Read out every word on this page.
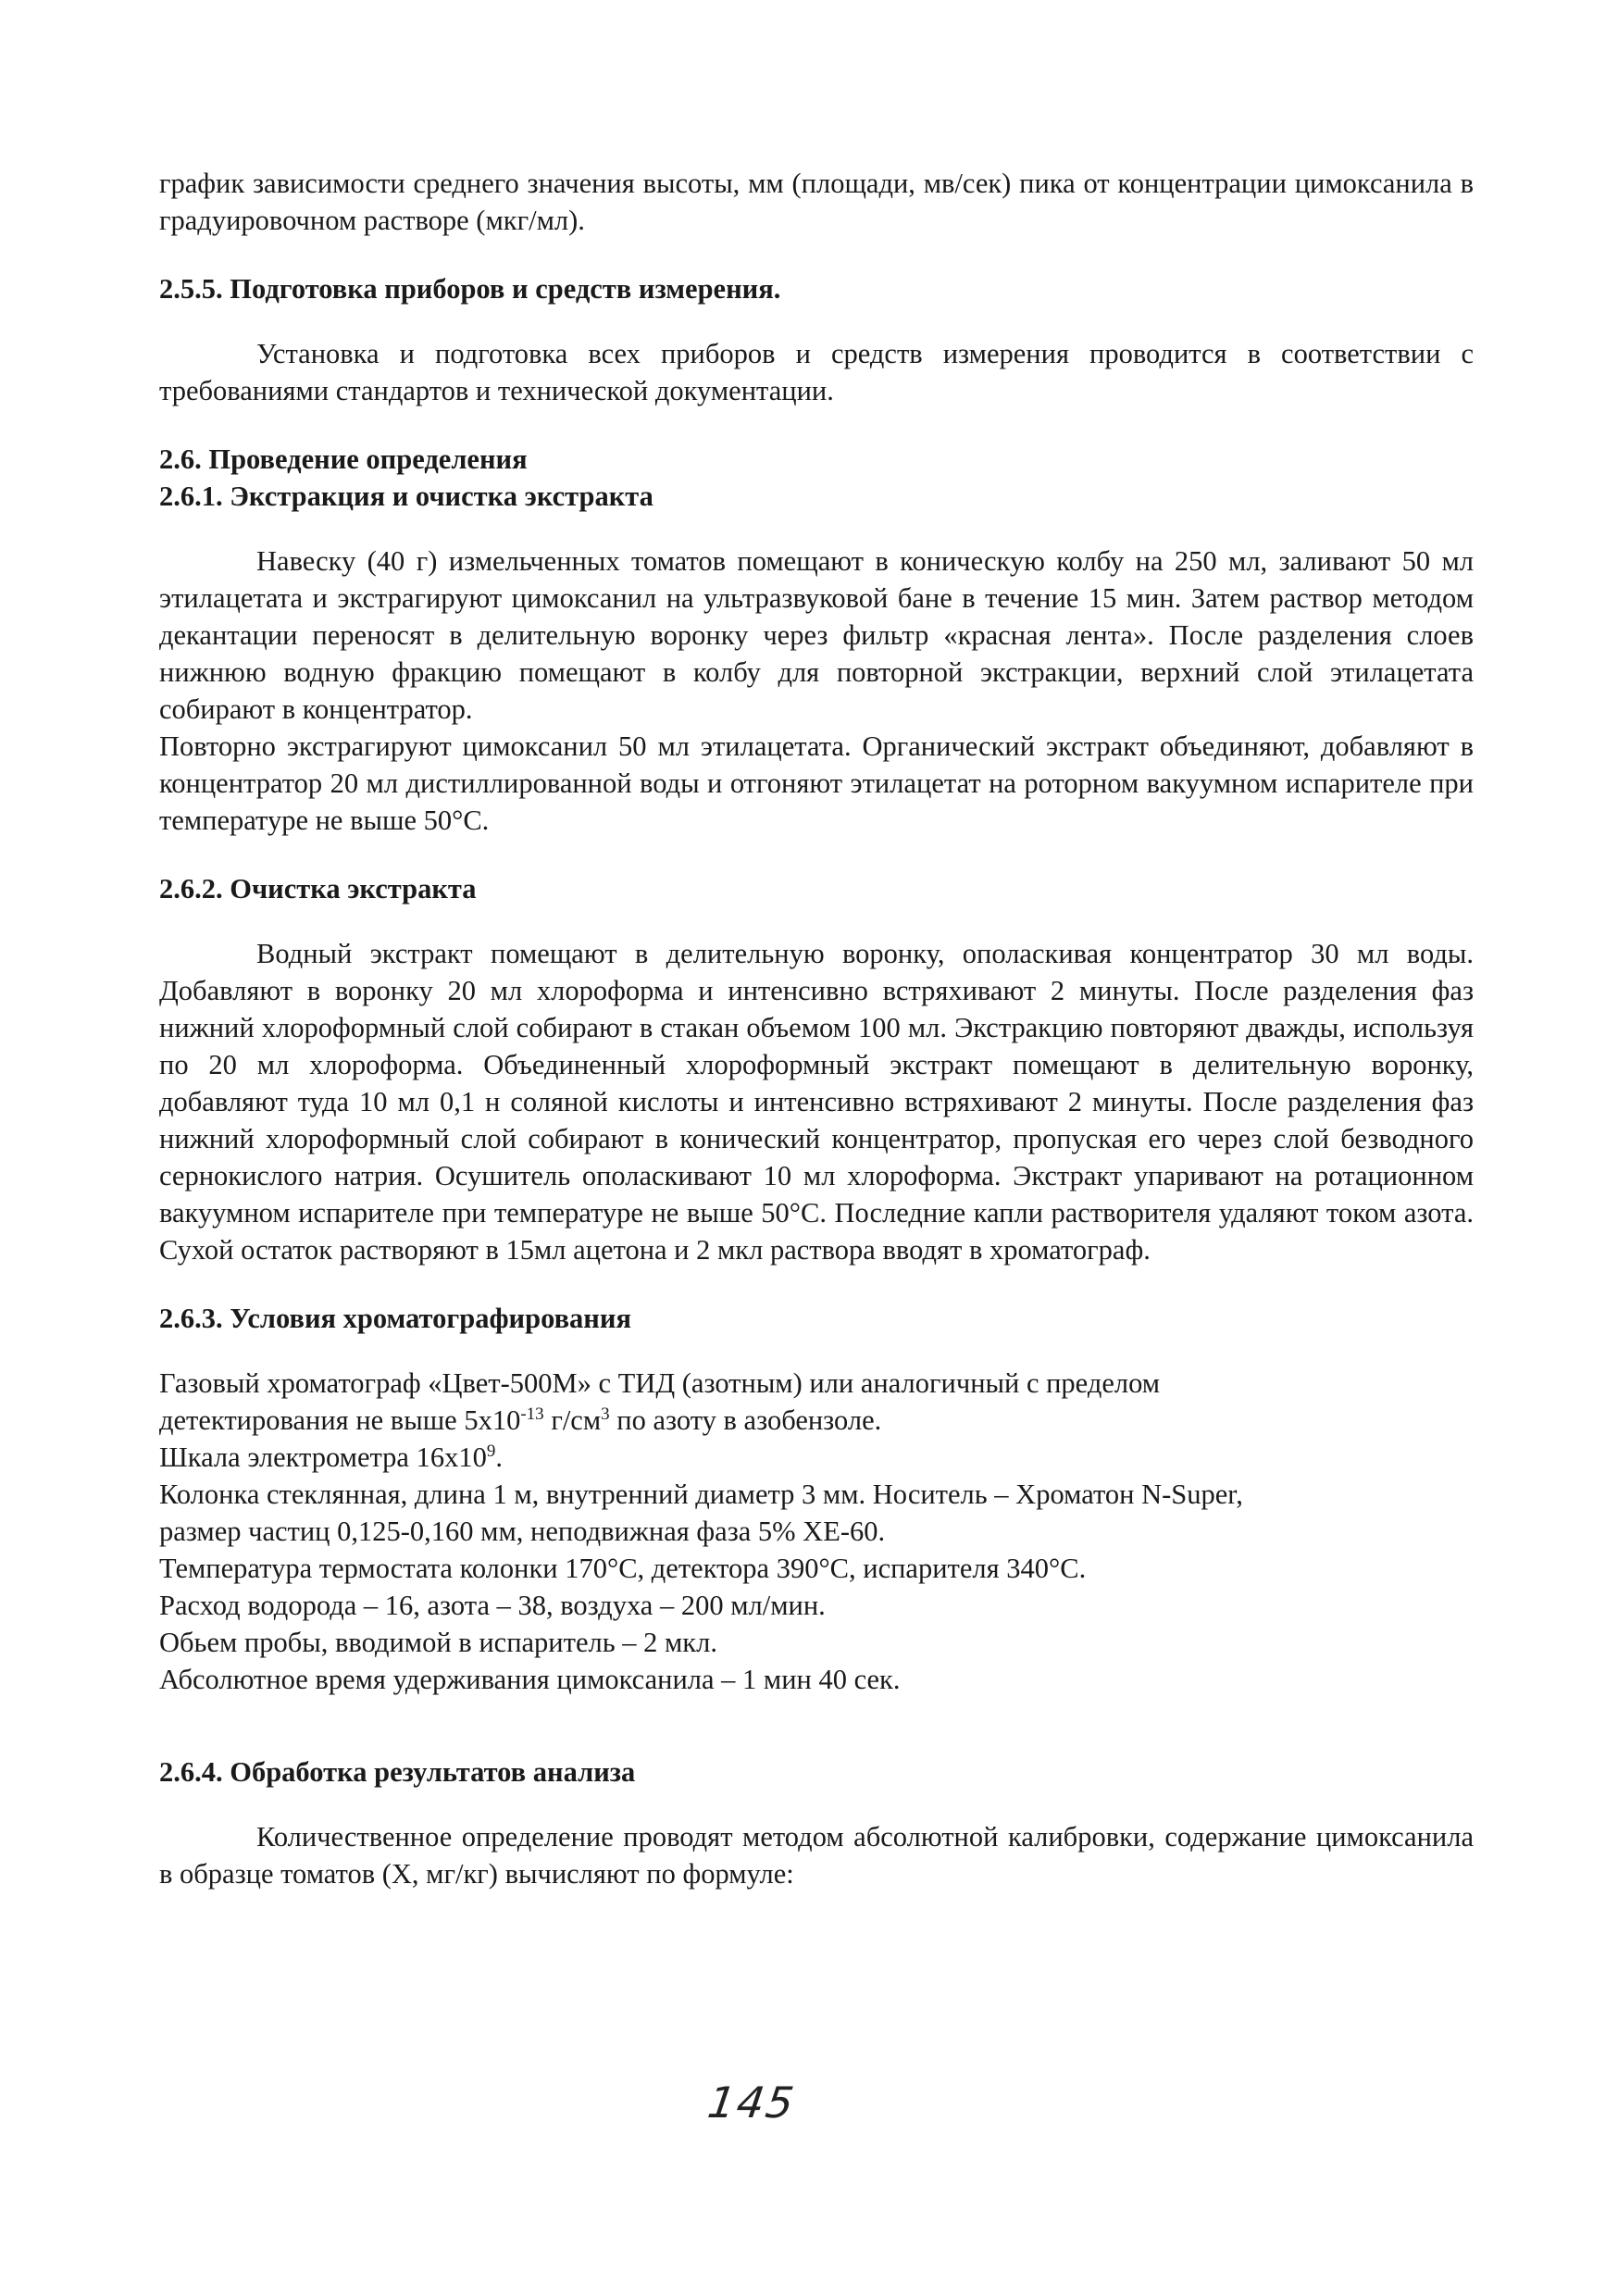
график зависимости среднего значения высоты, мм (площади, мв/сек) пика от концентрации цимоксанила в градуировочном растворе (мкг/мл).

2.5.5. Подготовка приборов и средств измерения.

Установка и подготовка всех приборов и средств измерения проводится в соответствии с требованиями стандартов и технической документации.

2.6. Проведение определения

2.6.1. Экстракция и очистка экстракта

Навеску (40 г) измельченных томатов помещают в коническую колбу на 250 мл, заливают 50 мл этилацетата и экстрагируют цимоксанил на ультразвуковой бане в течение 15 мин. Затем раствор методом декантации переносят в делительную воронку через фильтр «красная лента». После разделения слоев нижнюю водную фракцию помещают в колбу для повторной экстракции, верхний слой этилацетата собирают в концентратор.

Повторно экстрагируют цимоксанил 50 мл этилацетата. Органический экстракт объединяют, добавляют в концентратор 20 мл дистиллированной воды и отгоняют этилацетат на роторном вакуумном испарителе при температуре не выше 50°С.

2.6.2. Очистка экстракта

Водный экстракт помещают в делительную воронку, ополаскивая концентратор 30 мл воды. Добавляют в воронку 20 мл хлороформа и интенсивно встряхивают 2 минуты. После разделения фаз нижний хлороформный слой собирают в стакан объемом 100 мл. Экстракцию повторяют дважды, используя по 20 мл хлороформа. Объединенный хлороформный экстракт помещают в делительную воронку, добавляют туда 10 мл 0,1 н соляной кислоты и интенсивно встряхивают 2 минуты. После разделения фаз нижний хлороформный слой собирают в конический концентратор, пропуская его через слой безводного сернокислого натрия. Осушитель ополаскивают 10 мл хлороформа. Экстракт упаривают на ротационном вакуумном испарителе при температуре не выше 50°С. Последние капли растворителя удаляют током азота. Сухой остаток растворяют в 15мл ацетона и 2 мкл раствора вводят в хроматограф.

2.6.3. Условия хроматографирования

Газовый хроматограф «Цвет-500М» с ТИД (азотным) или аналогичный с пределом
детектирования не выше $5x10^{-13}$ $г/см^3$ по азоту в азобензоле.
Шкала электрометра $16x10^9$.
Колонка стеклянная, длина 1 м, внутренний диаметр 3 мм. Носитель – Хроматон N-Super,
размер частиц 0,125-0,160 мм, неподвижная фаза 5% XE-60.
Температура термостата колонки 170°С, детектора 390°С, испарителя 340°С.
Расход водорода – 16, азота – 38, воздуха – 200 мл/мин.
Обьем пробы, вводимой в испаритель – 2 мкл.
Абсолютное время удерживания цимоксанила – 1 мин 40 сек.

2.6.4. Обработка результатов анализа

Количественное определение проводят методом абсолютной калибровки, содержание цимоксанила в образце томатов (X, мг/кг) вычисляют по формуле:

145
